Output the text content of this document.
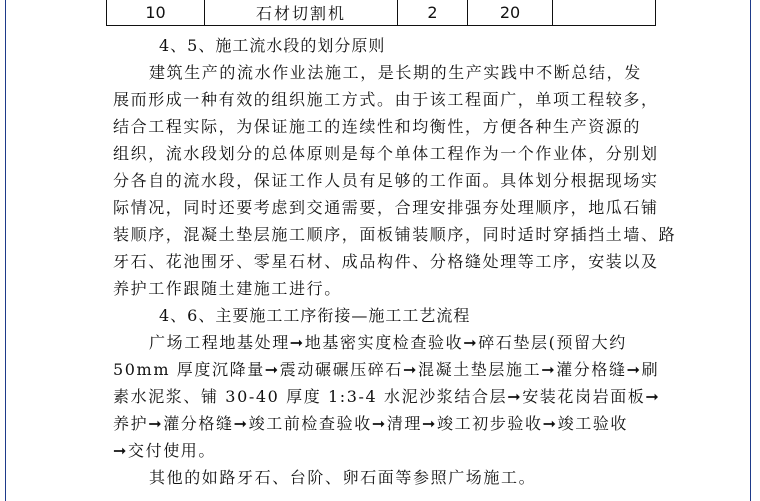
10	石材切割机	2	20
4、5、施工流水段的划分原则
建筑生产的流水作业法施工，是长期的生产实践中不断总结，发
展而形成一种有效的组织施工方式。由于该工程面广，单项工程较多，
结合工程实际，为保证施工的连续性和均衡性，方便各种生产资源的
组织，流水段划分的总体原则是每个单体工程作为一个作业体，分别划
分各自的流水段，保证工作人员有足够的工作面。具体划分根据现场实
际情况，同时还要考虑到交通需要，合理安排强夯处理顺序，地瓜石铺
装顺序，混凝土垫层施工顺序，面板铺装顺序，同时适时穿插挡土墙、路
牙石、花池围牙、零星石材、成品构件、分格缝处理等工序，安装以及
养护工作跟随土建施工进行。
4、6、主要施工工序衔接—施工工艺流程
广场工程地基处理➞地基密实度检查验收➞碎石垫层(预留大约
50mm 厚度沉降量➞震动碾碾压碎石➞混凝土垫层施工➞灌分格缝➞刷
素水泥浆、铺 30-40 厚度 1:3-4 水泥沙浆结合层➞安装花岗岩面板➞
养护➞灌分格缝➞竣工前检查验收➞清理➞竣工初步验收➞竣工验收
➞交付使用。
其他的如路牙石、台阶、卵石面等参照广场施工。
